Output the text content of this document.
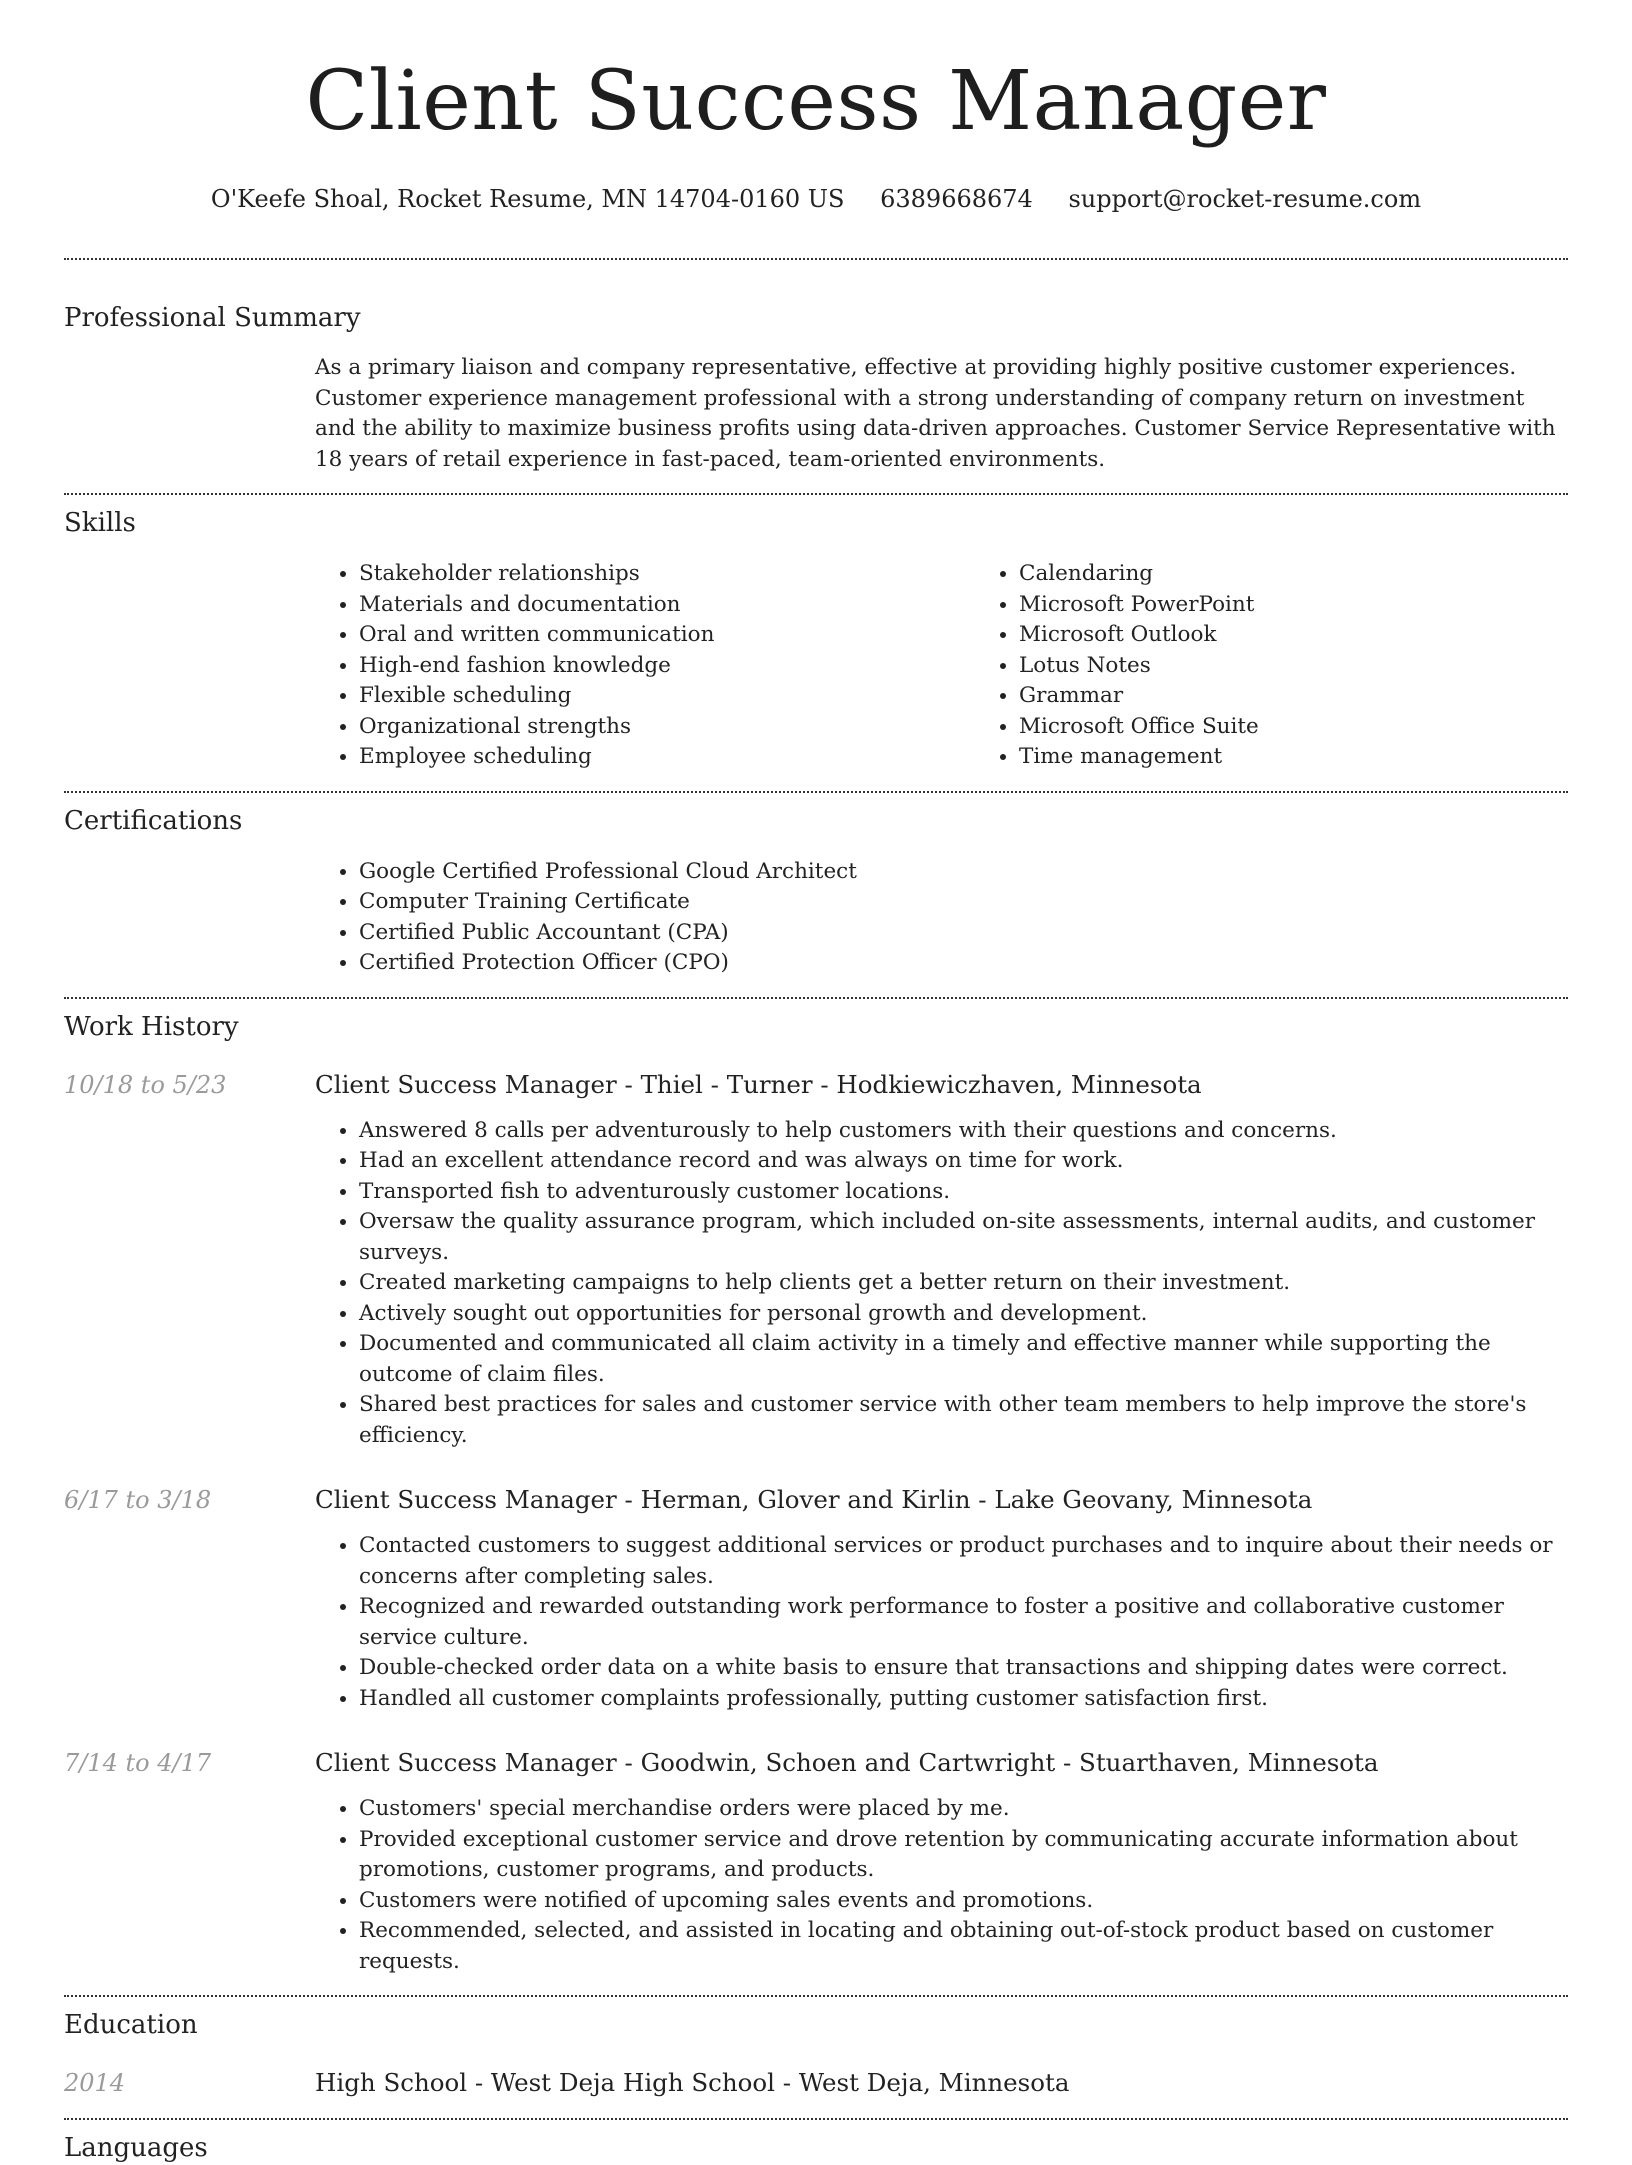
Client Success Manager
O'Keefe Shoal, Rocket Resume, MN 14704-0160 US 6389668674 support@rocket-resume.com
Professional Summary

As a primary liaison and company representative, effective at providing highly positive customer experiences. Customer experience management professional with a strong understanding of company return on investment and the ability to maximize business profits using data-driven approaches. Customer Service Representative with 18 years of retail experience in fast-paced, team-oriented environments.

Skills
• Stakeholder relationships
• Materials and documentation
• Oral and written communication
• High-end fashion knowledge
• Flexible scheduling
• Organizational strengths
• Employee scheduling
• Calendaring
• Microsoft PowerPoint
• Microsoft Outlook
• Lotus Notes
• Grammar
• Microsoft Office Suite
• Time management
Certifications
• Google Certified Professional Cloud Architect
• Computer Training Certificate
• Certified Public Accountant (CPA)
• Certified Protection Officer (CPO)
Work History
10/18 to 5/23	Client Success Manager - Thiel - Turner - Hodkiewiczhaven, Minnesota
• Answered 8 calls per adventurously to help customers with their questions and concerns.
• Had an excellent attendance record and was always on time for work.
• Transported fish to adventurously customer locations.
• Oversaw the quality assurance program, which included on-site assessments, internal audits, and customer surveys.
• Created marketing campaigns to help clients get a better return on their investment.
• Actively sought out opportunities for personal growth and development.
• Documented and communicated all claim activity in a timely and effective manner while supporting the outcome of claim files.
• Shared best practices for sales and customer service with other team members to help improve the store's efficiency.
6/17 to 3/18	Client Success Manager - Herman, Glover and Kirlin - Lake Geovany, Minnesota
• Contacted customers to suggest additional services or product purchases and to inquire about their needs or concerns after completing sales.
• Recognized and rewarded outstanding work performance to foster a positive and collaborative customer service culture.
• Double-checked order data on a white basis to ensure that transactions and shipping dates were correct.
• Handled all customer complaints professionally, putting customer satisfaction first.
7/14 to 4/17	Client Success Manager - Goodwin, Schoen and Cartwright - Stuarthaven, Minnesota
• Customers' special merchandise orders were placed by me.
• Provided exceptional customer service and drove retention by communicating accurate information about promotions, customer programs, and products.
• Customers were notified of upcoming sales events and promotions.
• Recommended, selected, and assisted in locating and obtaining out-of-stock product based on customer requests.
Education
2014	High School - West Deja High School - West Deja, Minnesota
Languages
